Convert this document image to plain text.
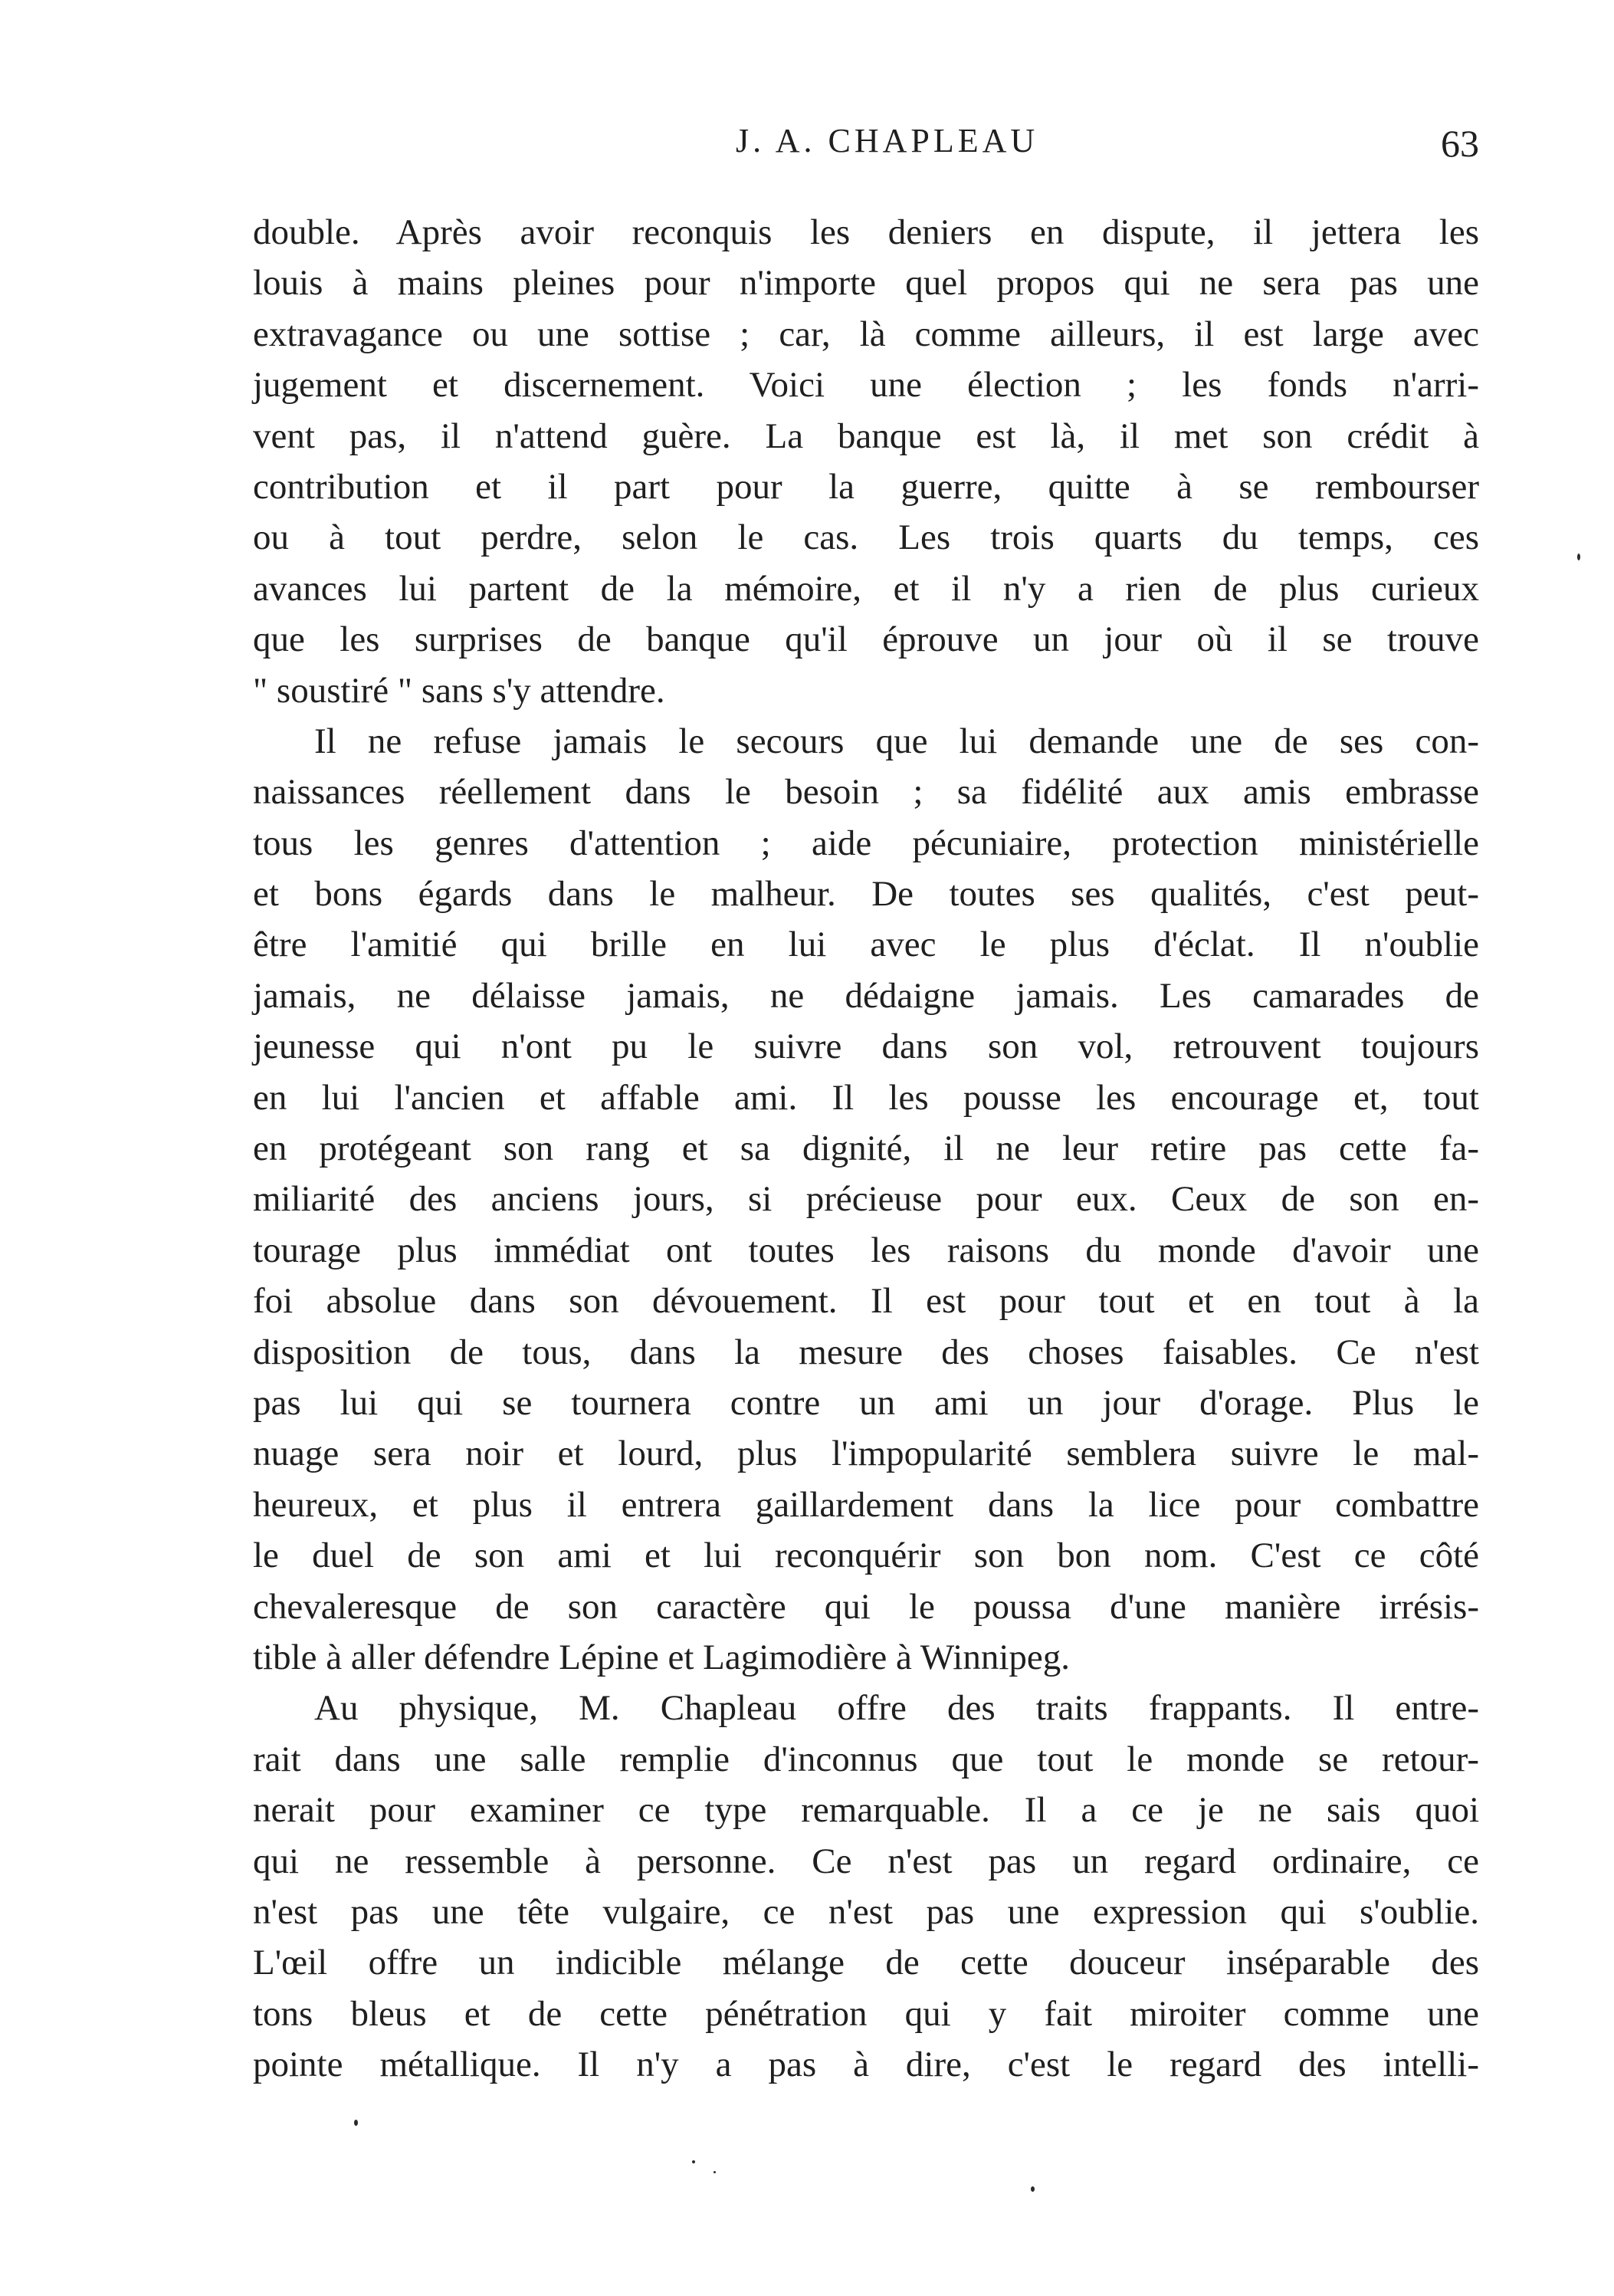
J. A. CHAPLEAU	63
double. Après avoir reconquis les deniers en dispute, il jettera les
louis à mains pleines pour n'importe quel propos qui ne sera pas une
extravagance ou une sottise ; car, là comme ailleurs, il est large avec
jugement et discernement. Voici une élection ; les fonds n'arri-
vent pas, il n'attend guère. La banque est là, il met son crédit à
contribution et il part pour la guerre, quitte à se rembourser
ou à tout perdre, selon le cas. Les trois quarts du temps, ces
avances lui partent de la mémoire, et il n'y a rien de plus curieux
que les surprises de banque qu'il éprouve un jour où il se trouve
" soustiré " sans s'y attendre.
Il ne refuse jamais le secours que lui demande une de ses con-
naissances réellement dans le besoin ; sa fidélité aux amis embrasse
tous les genres d'attention ; aide pécuniaire, protection ministérielle
et bons égards dans le malheur. De toutes ses qualités, c'est peut-
être l'amitié qui brille en lui avec le plus d'éclat. Il n'oublie
jamais, ne délaisse jamais, ne dédaigne jamais. Les camarades de
jeunesse qui n'ont pu le suivre dans son vol, retrouvent toujours
en lui l'ancien et affable ami. Il les pousse les encourage et, tout
en protégeant son rang et sa dignité, il ne leur retire pas cette fa-
miliarité des anciens jours, si précieuse pour eux. Ceux de son en-
tourage plus immédiat ont toutes les raisons du monde d'avoir une
foi absolue dans son dévouement. Il est pour tout et en tout à la
disposition de tous, dans la mesure des choses faisables. Ce n'est
pas lui qui se tournera contre un ami un jour d'orage. Plus le
nuage sera noir et lourd, plus l'impopularité semblera suivre le mal-
heureux, et plus il entrera gaillardement dans la lice pour combattre
le duel de son ami et lui reconquérir son bon nom. C'est ce côté
chevaleresque de son caractère qui le poussa d'une manière irrésis-
tible à aller défendre Lépine et Lagimodière à Winnipeg.
Au physique, M. Chapleau offre des traits frappants. Il entre-
rait dans une salle remplie d'inconnus que tout le monde se retour-
nerait pour examiner ce type remarquable. Il a ce je ne sais quoi
qui ne ressemble à personne. Ce n'est pas un regard ordinaire, ce
n'est pas une tête vulgaire, ce n'est pas une expression qui s'oublie.
L'œil offre un indicible mélange de cette douceur inséparable des
tons bleus et de cette pénétration qui y fait miroiter comme une
pointe métallique. Il n'y a pas à dire, c'est le regard des intelli-
